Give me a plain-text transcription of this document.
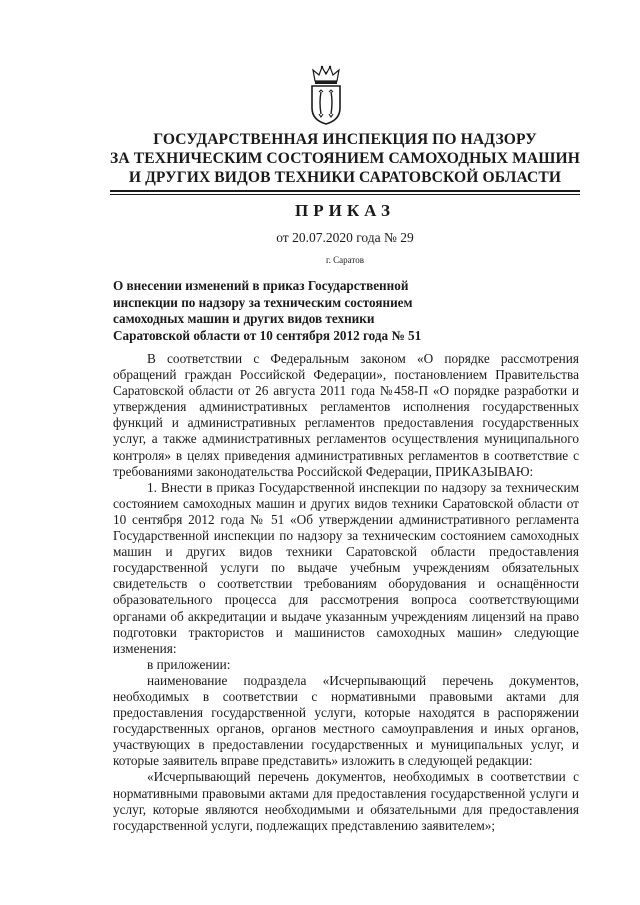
ГОСУДАРСТВЕННАЯ ИНСПЕКЦИЯ ПО НАДЗОРУ
ЗА ТЕХНИЧЕСКИМ СОСТОЯНИЕМ САМОХОДНЫХ МАШИН
И ДРУГИХ ВИДОВ ТЕХНИКИ САРАТОВСКОЙ ОБЛАСТИ
ПРИКАЗ
от 20.07.2020 года № 29
г. Саратов
О внесении изменений в приказ Государственной
инспекции по надзору за техническим состоянием
самоходных машин и других видов техники
Саратовской области от 10 сентября 2012 года № 51

В соответствии с Федеральным законом «О порядке рассмотрения обращений граждан Российской Федерации», постановлением Правительства Саратовской области от 26 августа 2011 года №458-П «О порядке разработки и утверждения административных регламентов исполнения государственных функций и административных регламентов предоставления государственных услуг, а также административных регламентов осуществления муниципального контроля» в целях приведения административных регламентов в соответствие с требованиями законодательства Российской Федерации, ПРИКАЗЫВАЮ:

1. Внести в приказ Государственной инспекции по надзору за техническим состоянием самоходных машин и других видов техники Саратовской области от 10 сентября 2012 года № 51 «Об утверждении административного регламента Государственной инспекции по надзору за техническим состоянием самоходных машин и других видов техники Саратовской области предоставления государственной услуги по выдаче учебным учреждениям обязательных свидетельств о соответствии требованиям оборудования и оснащённости образовательного процесса для рассмотрения вопроса соответствующими органами об аккредитации и выдаче указанным учреждениям лицензий на право подготовки трактористов и машинистов самоходных машин» следующие изменения:

в приложении:

наименование подраздела «Исчерпывающий перечень документов, необходимых в соответствии с нормативными правовыми актами для предоставления государственной услуги, которые находятся в распоряжении государственных органов, органов местного самоуправления и иных органов, участвующих в предоставлении государственных и муниципальных услуг, и которые заявитель вправе представить» изложить в следующей редакции:

«Исчерпывающий перечень документов, необходимых в соответствии с нормативными правовыми актами для предоставления государственной услуги и услуг, которые являются необходимыми и обязательными для предоставления государственной услуги, подлежащих представлению заявителем»;
